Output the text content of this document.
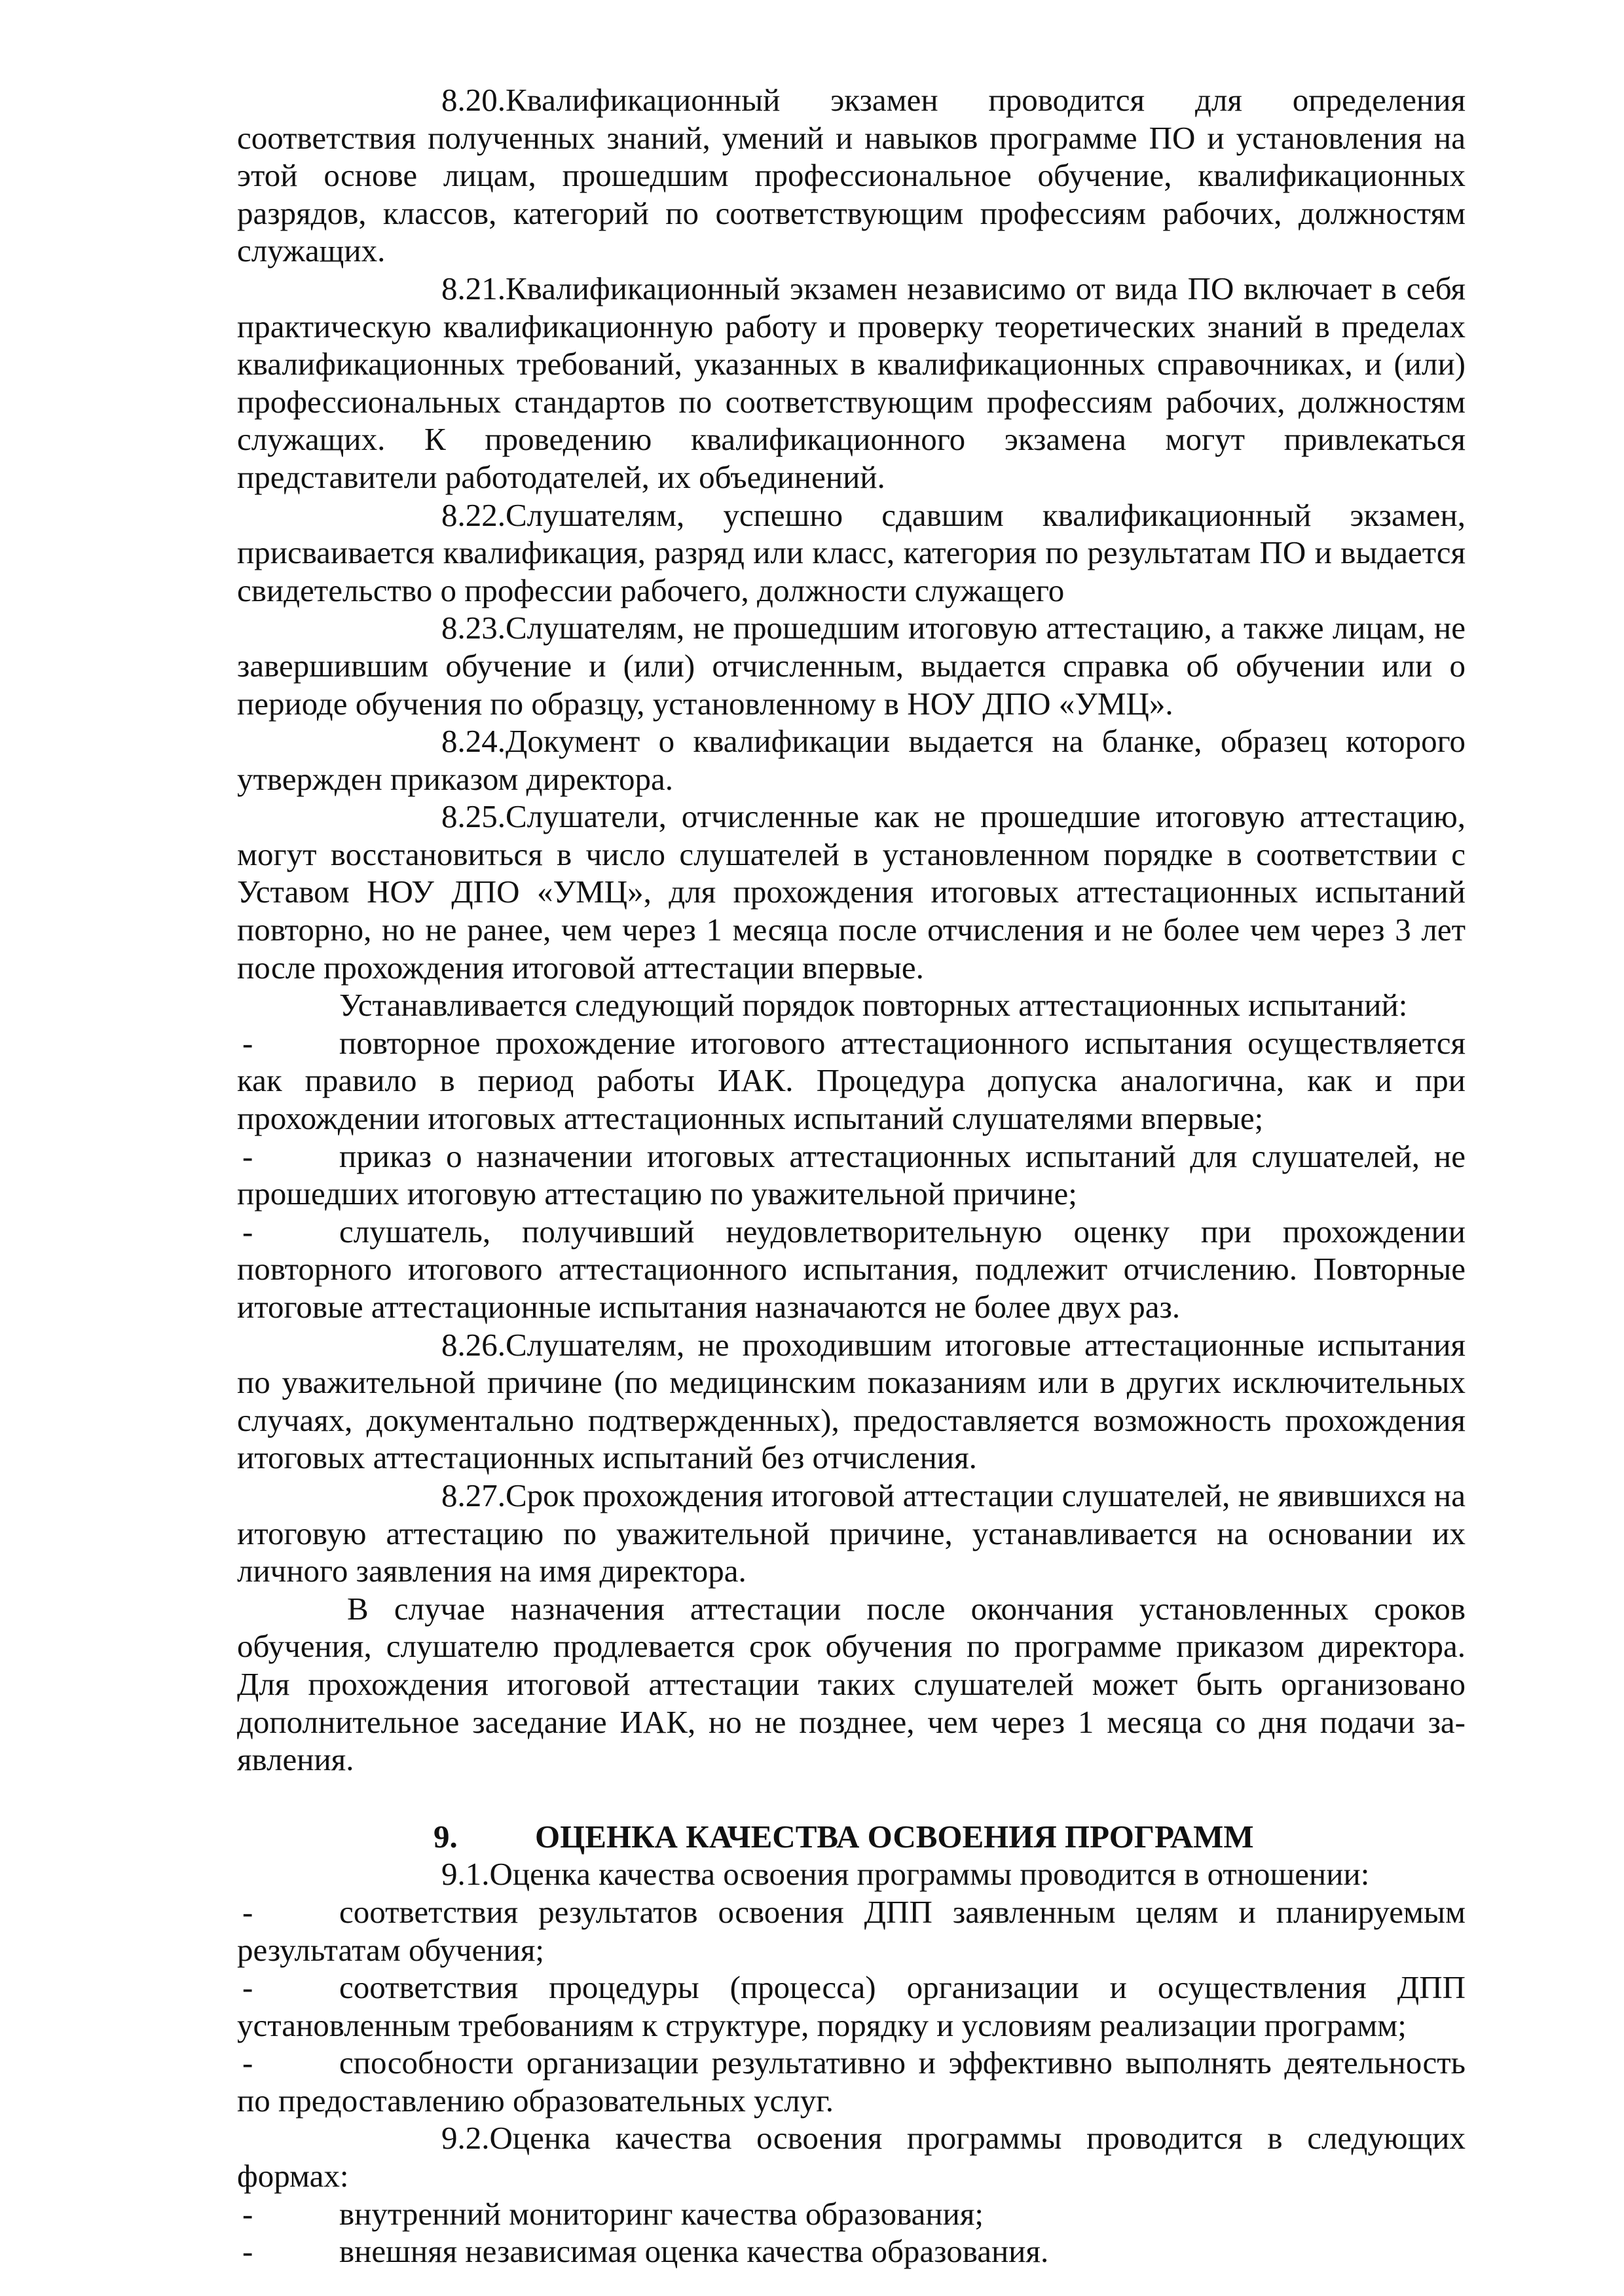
8.20.Квалификационный экзамен проводится для определения соответствия полученных знаний, умений и навыков программе ПО и установления на этой основе лицам, прошедшим профессиональное обучение, квалификационных разрядов, классов, категорий по соответствующим профессиям рабочих, должностям служащих.

8.21.Квалификационный экзамен независимо от вида ПО включает в себя практическую квалификационную работу и проверку теоретических знаний в пределах квалификационных требований, указанных в квалификационных справочниках, и (или) профессиональных стандартов по соответствующим профессиям рабочих, должностям служащих. К проведению квалификационного экзамена могут привлекаться представители работодателей, их объединений.

8.22.Слушателям, успешно сдавшим квалификационный экзамен, присваивается квалификация, разряд или класс, категория по результатам ПО и выдается свидетельство о профессии рабочего, должности служащего

8.23.Слушателям, не прошедшим итоговую аттестацию, а также лицам, не завершившим обучение и (или) отчисленным, выдается справка об обучении или о периоде обучения по образцу, установленному в НОУ ДПО «УМЦ».

8.24.Документ о квалификации выдается на бланке, образец которого утвержден приказом директора.

8.25.Слушатели, отчисленные как не прошедшие итоговую аттестацию, могут восстановиться в число слушателей в установленном порядке в соответствии с Уставом НОУ ДПО «УМЦ», для прохождения итоговых аттестационных испытаний повторно, но не ранее, чем через 1 месяца после отчисления и не более чем через 3 лет после прохождения итоговой аттестации впервые.

Устанавливается следующий порядок повторных аттестационных испытаний:

-	повторное прохождение итогового аттестационного испытания осуществляется как правило в период работы ИАК. Процедура допуска аналогична, как и при прохождении итоговых аттестационных испытаний слушателями впервые;

-	приказ о назначении итоговых аттестационных испытаний для слушателей, не прошедших итоговую аттестацию по уважительной причине;

-	слушатель, получивший неудовлетворительную оценку при прохождении повторного итогового аттестационного испытания, подлежит отчислению. Повторные итоговые аттестационные испытания назначаются не более двух раз.

8.26.Слушателям, не проходившим итоговые аттестационные испытания по уважительной причине (по медицинским показаниям или в других исключительных случаях, документально подтвержденных), предоставляется возможность прохождения итоговых аттестационных испытаний без отчисления.

8.27.Срок прохождения итоговой аттестации слушателей, не явившихся на итоговую аттестацию по уважительной причине, устанавливается на основании их личного заявления на имя директора.

В случае назначения аттестации после окончания установленных сроков обучения, слушателю продлевается срок обучения по программе приказом директора. Для прохождения итоговой аттестации таких слушателей может быть организовано дополнительное заседание ИАК, но не позднее, чем через 1 месяца со дня подачи за-явления.

9. ОЦЕНКА КАЧЕСТВА ОСВОЕНИЯ ПРОГРАММ

9.1.Оценка качества освоения программы проводится в отношении:

-	соответствия результатов освоения ДПП заявленным целям и планируемым результатам обучения;

-	соответствия процедуры (процесса) организации и осуществления ДПП установленным требованиям к структуре, порядку и условиям реализации программ;

-	способности организации результативно и эффективно выполнять деятельность по предоставлению образовательных услуг.

9.2.Оценка качества освоения программы проводится в следующих формах:

-	внутренний мониторинг качества образования;

-	внешняя независимая оценка качества образования.
